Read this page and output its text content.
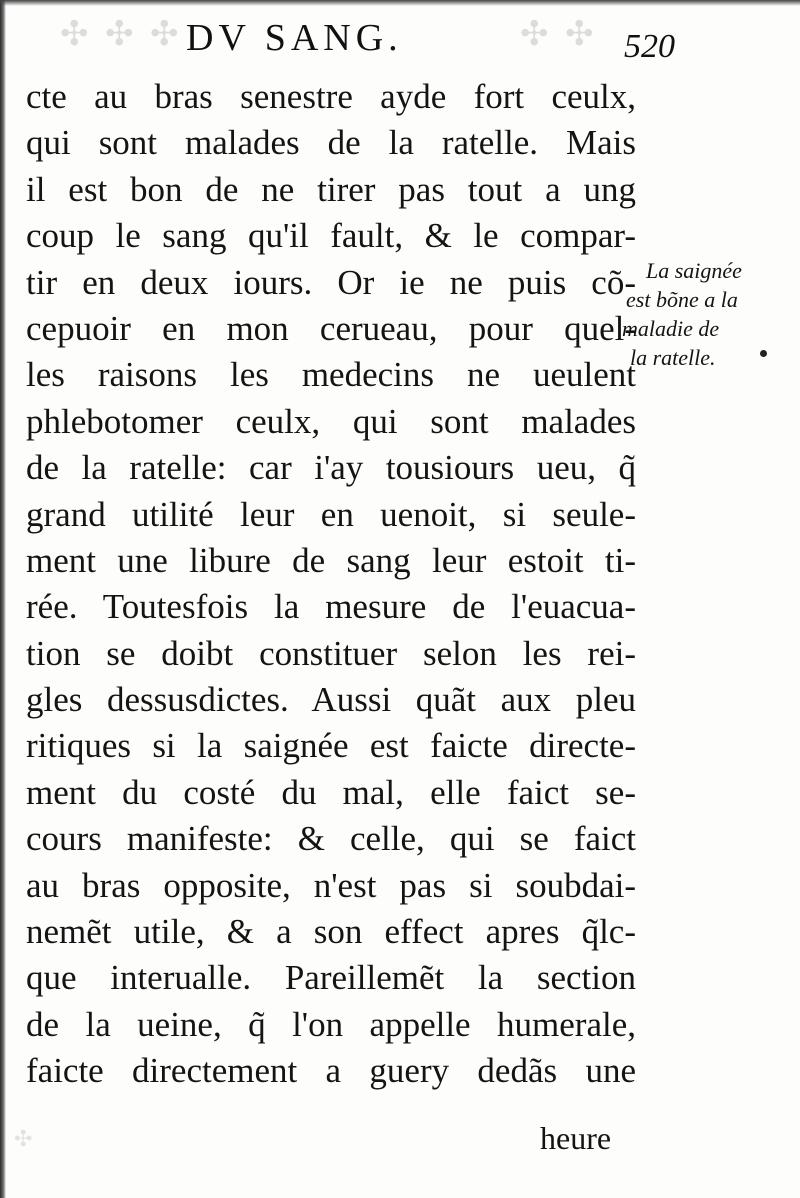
✣ ✣ ✣	✣ ✣
DV SANG.	520
cte au bras senestre ayde fort ceulx,
qui sont malades de la ratelle. Mais
il est bon de ne tirer pas tout a ung
coup le sang qu'il fault, & le compar-
tir en deux iours. Or ie ne puis cõ-
cepuoir en mon cerueau, pour quel-
les raisons les medecins ne ueulent
phlebotomer ceulx, qui sont malades
de la ratelle: car i'ay tousiours ueu, q̃
grand utilité leur en uenoit, si seule-
ment une libure de sang leur estoit ti-
rée. Toutesfois la mesure de l'euacua-
tion se doibt constituer selon les rei-
gles dessusdictes. Aussi quãt aux pleu
ritiques si la saignée est faicte directe-
ment du costé du mal, elle faict se-
cours manifeste: & celle, qui se faict
au bras opposite, n'est pas si soubdai-
nemẽt utile, & a son effect apres q̃lc-
que interualle. Pareillemẽt la section
de la ueine, q̃ l'on appelle humerale,
faicte directement a guery dedãs une
heure
La saignée
est bõne a la
maladie de
la ratelle.
✣
